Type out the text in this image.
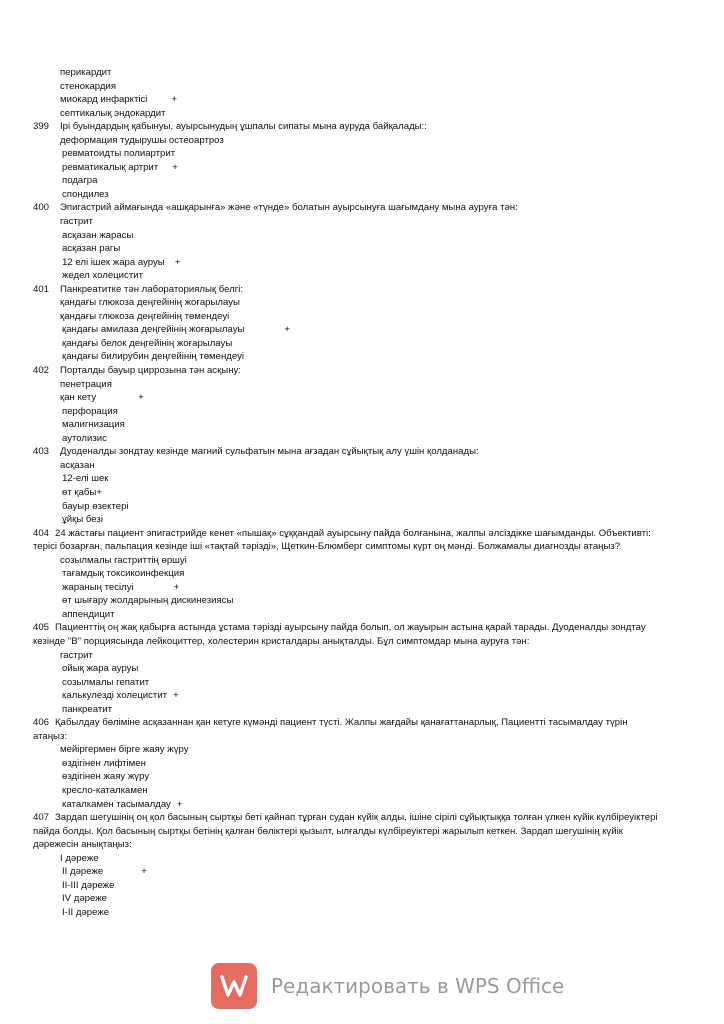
перикардит
стенокардия
миокард инфарктісі	+
септикалық эндокардит
399 Ірі буындардың қабынуы, ауырсынудың ұшпалы сипаты мына ауруда байқалады::
деформация тудырушы остеоартроз
ревматоидты полиартрит
ревматикалық артрит +
подагра
спондилез
400 Эпигастрий аймағында «ашқарынға» және «түнде» болатын ауырсынуға шағымдану мына ауруға тән:
гастрит
асқазан жарасы
асқазан рагы
12 елі ішек жара ауруы +
жедел холецистит
401 Панкреатитке тән лабораториялық белгі:
қандағы глюкоза деңгейінің жоғарылауы
қандағы глюкоза деңгейінің төмендеуі
қандағы амилаза деңгейінің жоғарылауы	+
қандағы белок деңгейінің жоғарылауы
қандағы билирубин деңгейінің төмендеуі
402 Порталды бауыр циррозына тән асқыну:
пенетрация
қан кету	+
перфорация
малигнизация
аутолизис
403 Дуоденалды зондтау кезінде магний сульфатын мына ағзадан сұйықтық алу үшін қолданады:
асқазан
12-елі шек
өт қабы+
бауыр өзектері
ұйқы безі
404 24 жастағы пациент эпигастрийде кенет «пышақ» сұққандай ауырсыну пайда болғанына, жалпы әлсіздікке шағымданды. Объективті: терісі бозарған, пальпация кезінде іші «тақтай тәрізді», Щеткин-Блюмберг симптомы күрт оң мәнді. Болжамалы диагнозды атаңыз?
созылмалы гастриттің өршуі
тағамдық токсикоинфекция
жараның тесілуі	+
өт шығару жолдарының дискинезиясы
аппендицит
405 Пациенттің оң жақ қабырға астында ұстама тәрізді ауырсыну пайда болып, ол жауырын астына қарай тарады. Дуоденалды зондтау кезінде "В" порциясында лейкоциттер, холестерин кристалдары анықталды. Бұл симптомдар мына ауруға тән:
гастрит
ойық жара ауруы
созылмалы гепатит
калькулезді холецистит +
панкреатит
406 Қабылдау бөліміне асқазаннан қан кетуге күмәнді пациент түсті. Жалпы жағдайы қанағаттанарлық, Пациентті тасымалдау түрін атаңыз:
мейіргермен бірге жаяу жүру
өздігінен лифтімен
өздігінен жаяу жүру
кресло-каталкамен
каталкамен тасымалдау +
407 Зардап шегушінің оң қол басының сыртқы беті қайнап тұрған судан күйік алды, ішіне сірілі сұйықтыққа толған үлкен күйік күлбіреуіктері пайда болды. Қол басының сыртқы бетінің қалған бөліктері қызылт, ылғалды күлбіреуіктері жарылып кеткен. Зардап шегушінің күйік дәрежесін анықтаңыз:
I дәреже
II дәреже	+
II-III дәреже
IV дәреже
I-II дәреже
Редактировать в WPS Office
